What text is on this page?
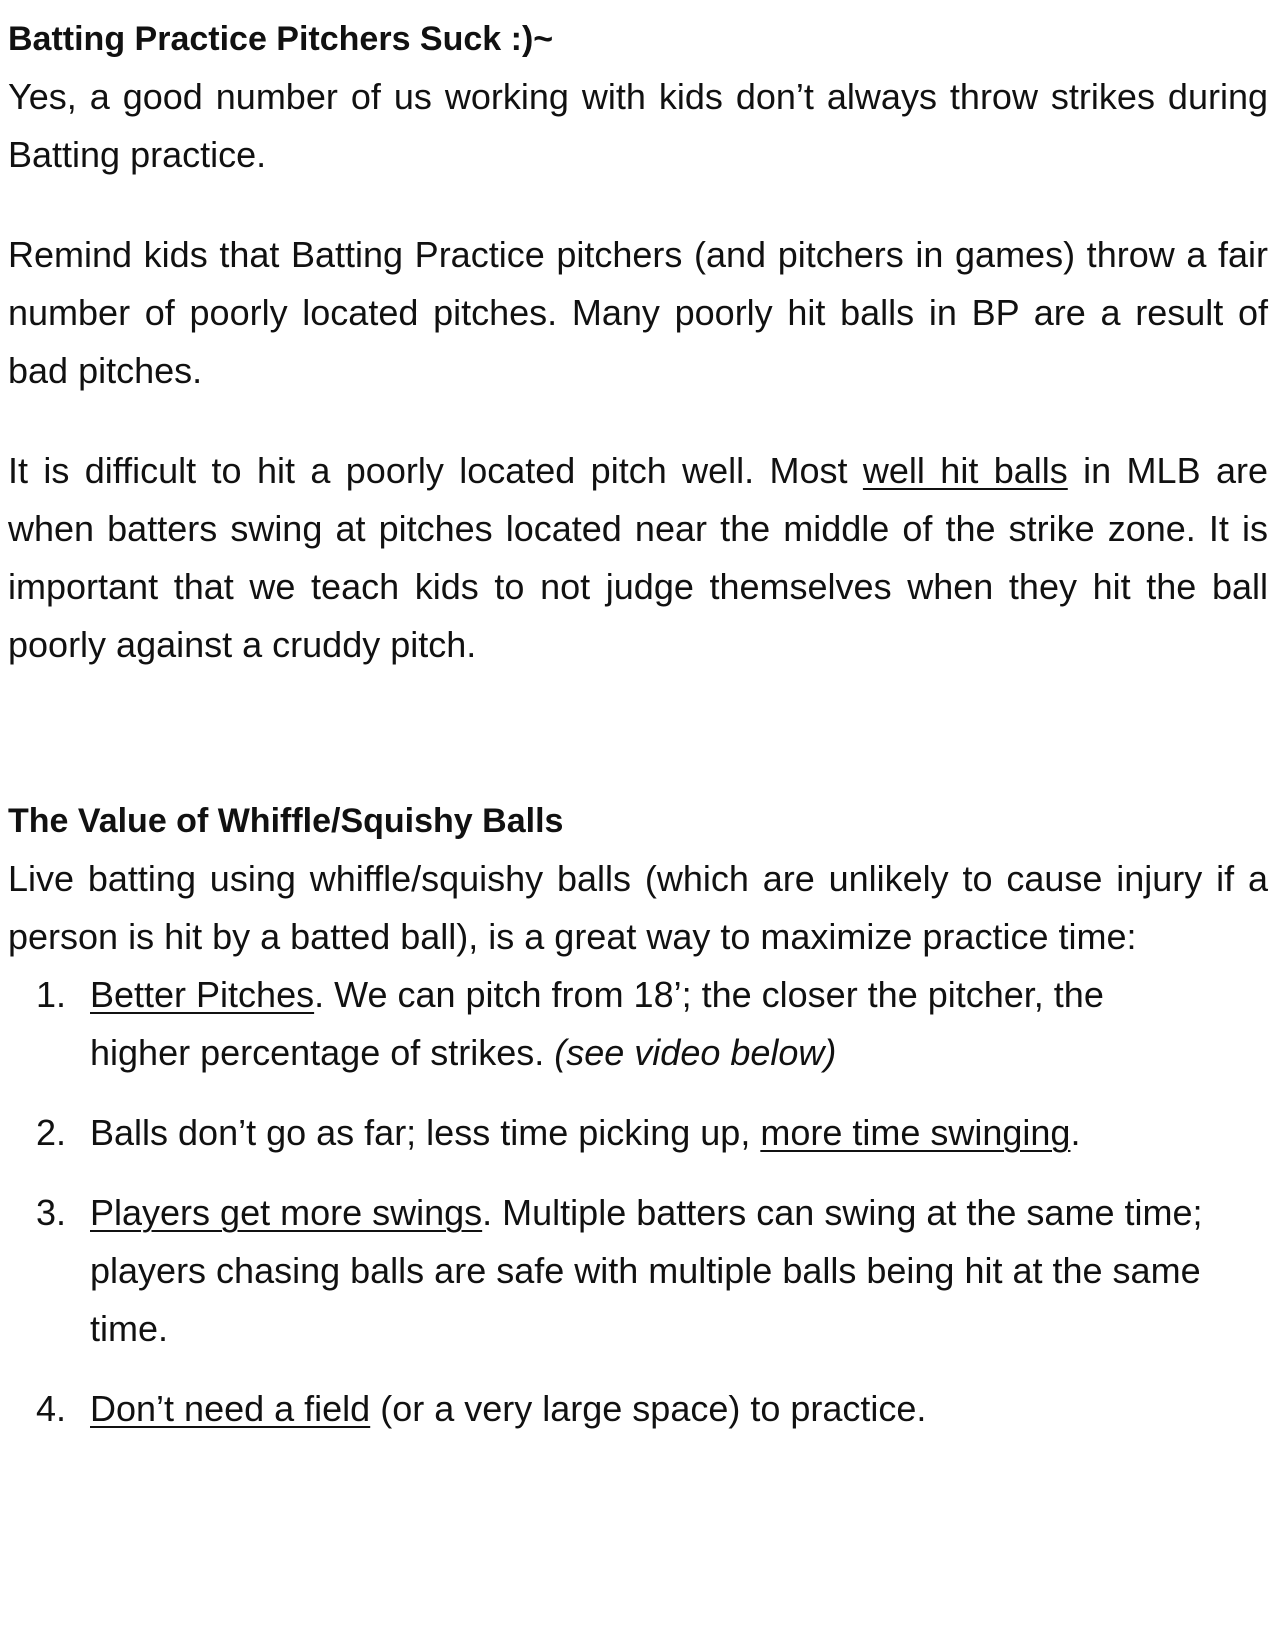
Batting Practice Pitchers Suck :)~

Yes, a good number of us working with kids don’t always throw strikes during Batting practice.

Remind kids that Batting Practice pitchers (and pitchers in games) throw a fair number of poorly located pitches. Many poorly hit balls in BP are a result of bad pitches.

It is difficult to hit a poorly located pitch well. Most well hit balls in MLB are when batters swing at pitches located near the middle of the strike zone. It is important that we teach kids to not judge themselves when they hit the ball poorly against a cruddy pitch.

The Value of Whiffle/Squishy Balls

Live batting using whiffle/squishy balls (which are unlikely to cause injury if a person is hit by a batted ball), is a great way to maximize practice time:

1. Better Pitches. We can pitch from 18’; the closer the pitcher, the higher percentage of strikes. (see video below)
2. Balls don’t go as far; less time picking up, more time swinging.
3. Players get more swings. Multiple batters can swing at the same time; players chasing balls are safe with multiple balls being hit at the same time.
4. Don’t need a field (or a very large space) to practice.
